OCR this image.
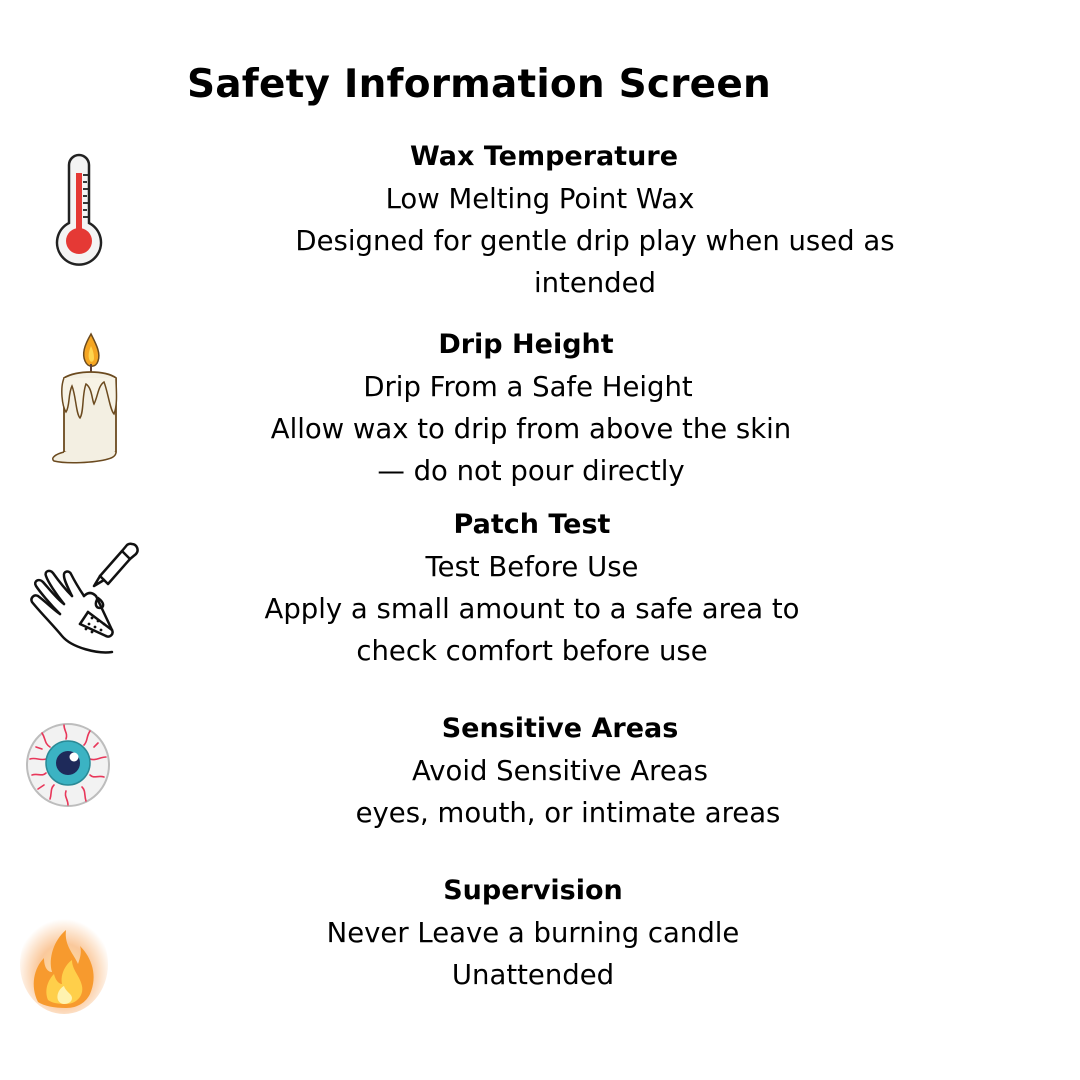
Safety Information Screen
Wax Temperature
Low Melting Point Wax
Designed for gentle drip play when used as
intended
Drip Height
Drip From a Safe Height
Allow wax to drip from above the skin
— do not pour directly
Patch Test
Test Before Use
Apply a small amount to a safe area to
check comfort before use
Sensitive Areas
Avoid Sensitive Areas
eyes, mouth, or intimate areas
Supervision
Never Leave a burning candle
Unattended
